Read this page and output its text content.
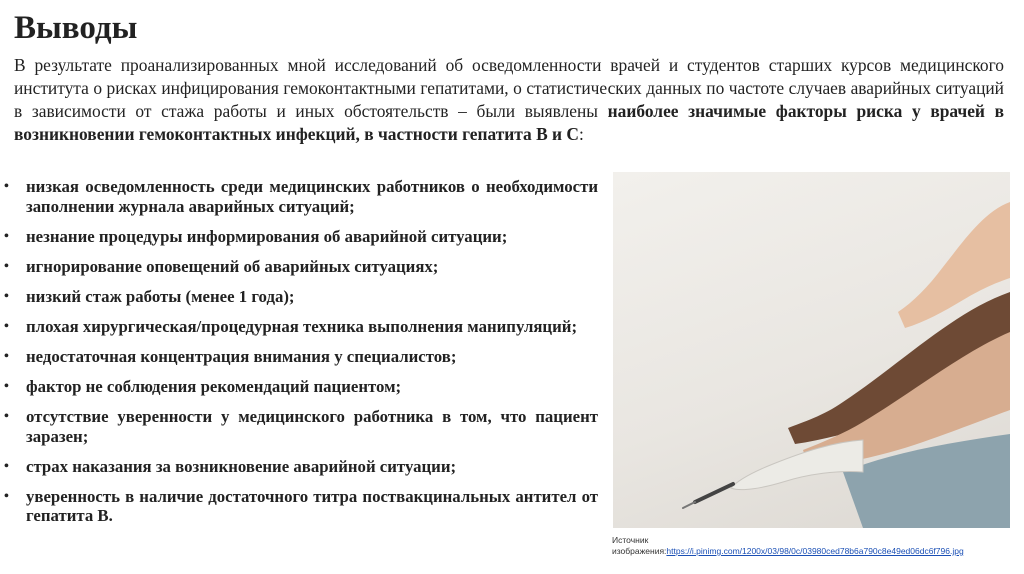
Выводы
В результате проанализированных мной исследований об осведомленности врачей и студентов старших курсов медицинского института о рисках инфицирования гемоконтактными гепатитами, о статистических данных по частоте случаев аварийных ситуаций в зависимости от стажа работы и иных обстоятельств – были выявлены наиболее значимые факторы риска у врачей в возникновении гемоконтактных инфекций, в частности гепатита В и С:
• низкая осведомленность среди медицинских работников о необходимости заполнении журнала аварийных ситуаций;
• незнание процедуры информирования об аварийной ситуации;
• игнорирование оповещений об аварийных ситуациях;
• низкий стаж работы (менее 1 года);
• плохая хирургическая/процедурная техника выполнения манипуляций;
• недостаточная концентрация внимания у специалистов;
• фактор не соблюдения рекомендаций пациентом;
• отсутствие уверенности у медицинского работника в том, что пациент заразен;
• страх наказания за возникновение аварийной ситуации;
• уверенность в наличие достаточного титра поствакцинальных антител от гепатита В.
Источник
изображения:https://i.pinimg.com/1200x/03/98/0c/03980ced78b6a790c8e49ed06dc6f796.jpg
